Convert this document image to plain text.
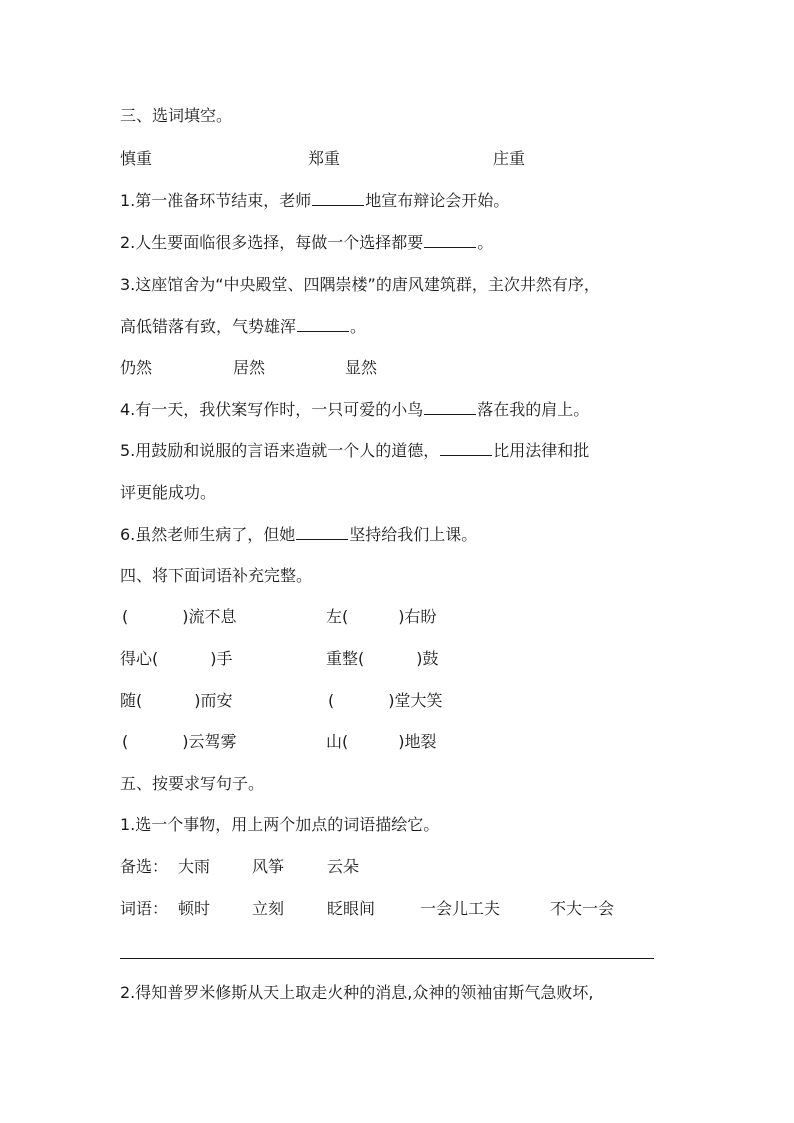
三、选词填空。
慎重	郑重	庄重
1.第一准备环节结束，老师	地宣布辩论会开始。
2.人生要面临很多选择，每做一个选择都要	。
3.这座馆舍为“中央殿堂、四隅崇楼”的唐风建筑群，主次井然有序，
高低错落有致，气势雄浑	。
仍然	居然	显然
4.有一天，我伏案写作时，一只可爱的小鸟	落在我的肩上。
5.用鼓励和说服的言语来造就一个人的道德，	比用法律和批
评更能成功。
6.虽然老师生病了，但她	坚持给我们上课。
四、将下面词语补充完整。
(	)流不息	左(	)右盼
得心(	)手	重整(	)鼓
随(	)而安	(	)堂大笑
(	)云驾雾	山(	)地裂
五、按要求写句子。
1.选一个事物，用上两个加点的词语描绘它。
备选： 大雨	风筝	云朵
词语： 顿时	立刻	眨眼间	一会儿工夫	不大一会
2.得知普罗米修斯从天上取走火种的消息,众神的领袖宙斯气急败坏,
